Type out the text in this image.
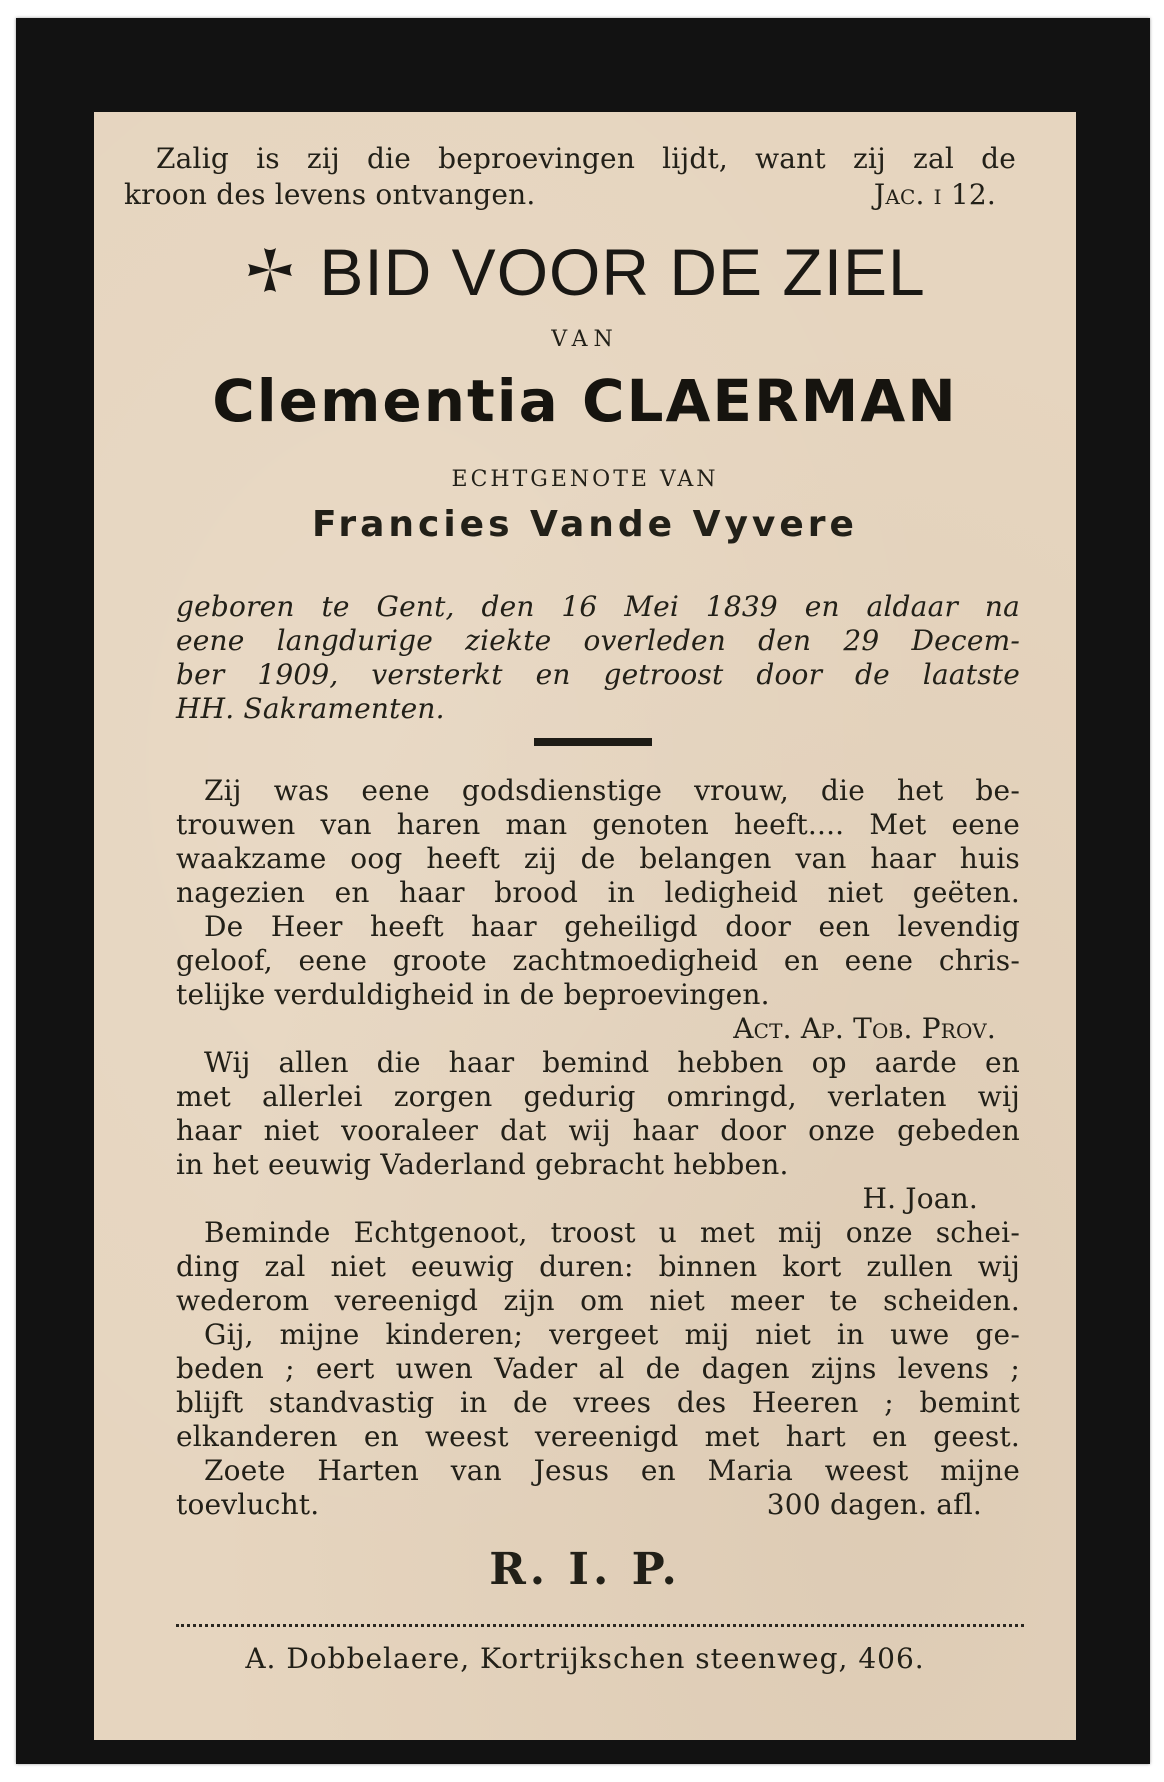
Zalig is zij die beproevingen lijdt, want zij zal de

kroon des levens ontvangen.	Jac. i 12.

BID VOOR DE ZIEL

VAN

Clementia CLAERMAN

ECHTGENOTE VAN

Francies Vande Vyvere

geboren te Gent, den 16 Mei 1839 en aldaar na

eene langdurige ziekte overleden den 29 Decem-

ber 1909, versterkt en getroost door de laatste

HH. Sakramenten.

Zij was eene godsdienstige vrouw, die het be-

trouwen van haren man genoten heeft.... Met eene

waakzame oog heeft zij de belangen van haar huis

nagezien en haar brood in ledigheid niet geëten.

De Heer heeft haar geheiligd door een levendig

geloof, eene groote zachtmoedigheid en eene chris-

telijke verduldigheid in de beproevingen.

Act. Ap. Tob. Prov.

Wij allen die haar bemind hebben op aarde en

met allerlei zorgen gedurig omringd, verlaten wij

haar niet vooraleer dat wij haar door onze gebeden

in het eeuwig Vaderland gebracht hebben.

H. Joan.

Beminde Echtgenoot, troost u met mij onze schei-

ding zal niet eeuwig duren: binnen kort zullen wij

wederom vereenigd zijn om niet meer te scheiden.

Gij, mijne kinderen; vergeet mij niet in uwe ge-

beden ; eert uwen Vader al de dagen zijns levens ;

blijft standvastig in de vrees des Heeren ; bemint

elkanderen en weest vereenigd met hart en geest.

Zoete Harten van Jesus en Maria weest mijne

toevlucht.	300 dagen. afl.

R. I. P.

A. Dobbelaere, Kortrijkschen steenweg, 406.
